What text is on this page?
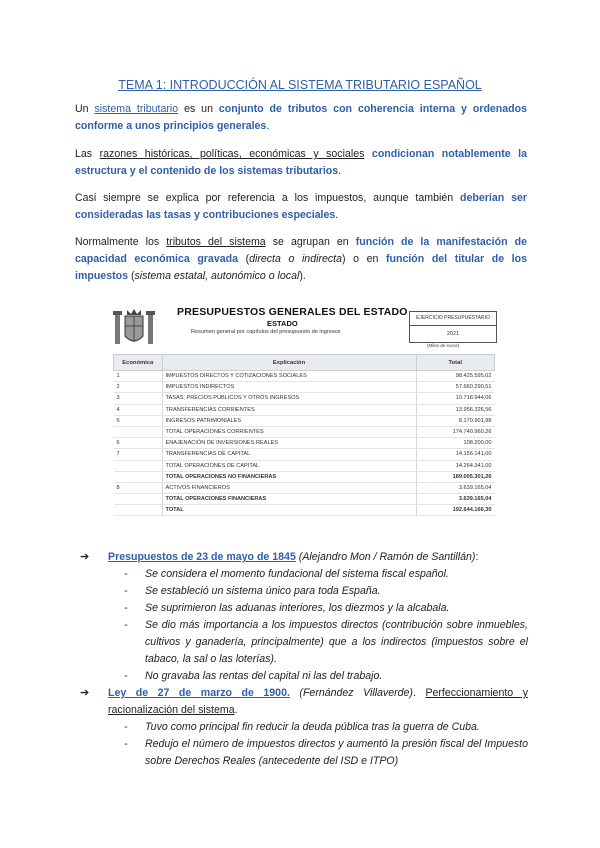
TEMA 1: INTRODUCCIÓN AL SISTEMA TRIBUTARIO ESPAÑOL
Un sistema tributario es un conjunto de tributos con coherencia interna y ordenados conforme a unos principios generales.
Las razones históricas, políticas, económicas y sociales condicionan notablemente la estructura y el contenido de los sistemas tributarios.
Casi siempre se explica por referencia a los impuestos, aunque también deberían ser consideradas las tasas y contribuciones especiales.
Normalmente los tributos del sistema se agrupan en función de la manifestación de capacidad económica gravada (directa o indirecta) o en función del titular de los impuestos (sistema estatal, autonómico o local).
PRESUPUESTOS GENERALES DEL ESTADO
ESTADO
Resumen general por capítulos del presupuesto de ingresos
EJERCICIO PRESUPUESTARIO
2021
(Miles de euros)
Económica	Explicación	Total
1	IMPUESTOS DIRECTOS Y COTIZACIONES SOCIALES	98.425.595,02
2	IMPUESTOS INDIRECTOS	57.660.290,51
3	TASAS, PRECIOS PÚBLICOS Y OTROS INGRESOS	10.718.944,06
4	TRANSFERENCIAS CORRIENTES	13.956.326,56
5	INGRESOS PATRIMONIALES	8.170.901,98
	TOTAL OPERACIONES CORRIENTES	174.740.960,26
6	ENAJENACIÓN DE INVERSIONES REALES	108.200,00
7	TRANSFERENCIAS DE CAPITAL	14.156.141,00
	TOTAL OPERACIONES DE CAPITAL	14.264.341,00
	TOTAL OPERACIONES NO FINANCIERAS	189.005.301,26
8	ACTIVOS FINANCIEROS	3.639.165,04
	TOTAL OPERACIONES FINANCIERAS	3.639.165,04
	TOTAL	192.644.166,30
➔	Presupuestos de 23 de mayo de 1845 (Alejandro Mon / Ramón de Santillán):
- Se considera el momento fundacional del sistema fiscal español.
- Se estableció un sistema único para toda España.
- Se suprimieron las aduanas interiores, los diezmos y la alcabala.
- Se dio más importancia a los impuestos directos (contribución sobre inmuebles, cultivos y ganadería, principalmente) que a los indirectos (impuestos sobre el tabaco, la sal o las loterías).
- No gravaba las rentas del capital ni las del trabajo.
➔	Ley de 27 de marzo de 1900. (Fernández Villaverde). Perfeccionamiento y racionalización del sistema.
- Tuvo como principal fin reducir la deuda pública tras la guerra de Cuba.
- Redujo el número de impuestos directos y aumentó la presión fiscal del Impuesto sobre Derechos Reales (antecedente del ISD e ITPO)
